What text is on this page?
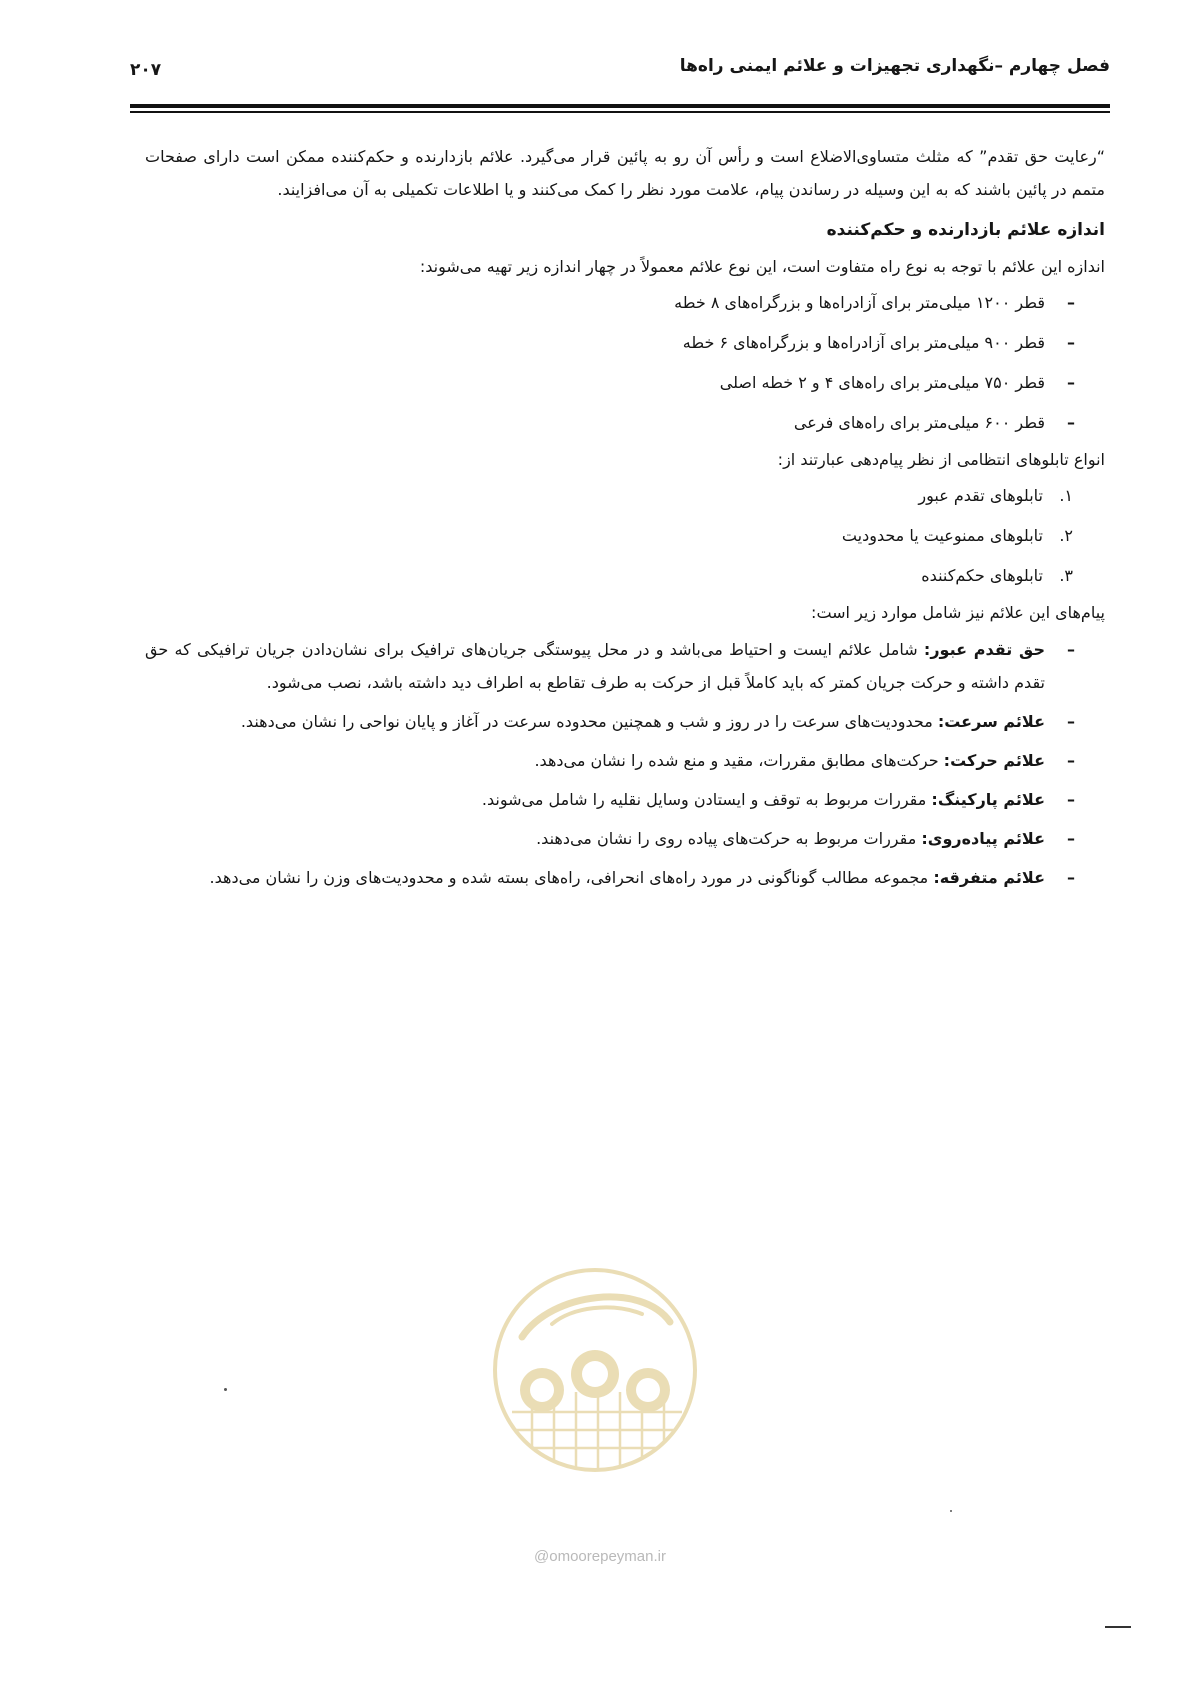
فصل چهارم –نگهداری تجهیزات و علائم ایمنی راه‌ها
۲۰۷

“رعایت حق تقدم” که مثلث متساوی‌الاضلاع است و رأس آن رو به پائین قرار می‌گیرد. علائم بازدارنده و حکم‌کننده ممکن است دارای صفحات متمم در پائین باشند که به این وسیله در رساندن پیام، علامت مورد نظر را کمک می‌کنند و یا اطلاعات تکمیلی به آن می‌افزایند.

اندازه علائم بازدارنده و حکم‌کننده

اندازه این علائم با توجه به نوع راه متفاوت است، این نوع علائم معمولاً در چهار اندازه زیر تهیه می‌شوند:

–
قطر ۱۲۰۰ میلی‌متر برای آزادراه‌ها و بزرگراه‌های ۸ خطه
–
قطر ۹۰۰ میلی‌متر برای آزادراه‌ها و بزرگراه‌های ۶ خطه
–
قطر ۷۵۰ میلی‌متر برای راه‌های ۴ و ۲ خطه اصلی
–
قطر ۶۰۰ میلی‌متر برای راه‌های فرعی

انواع تابلوهای انتظامی از نظر پیام‌دهی عبارتند از:

۱.
تابلوهای تقدم عبور
۲.
تابلوهای ممنوعیت یا محدودیت
۳.
تابلوهای حکم‌کننده

پیام‌های این علائم نیز شامل موارد زیر است:

–
حق تقدم عبور: شامل علائم ایست و احتیاط می‌باشد و در محل پیوستگی جریان‌های ترافیک برای نشان‌دادن جریان ترافیکی که حق تقدم داشته و حرکت جریان کمتر که باید کاملاً قبل از حرکت به طرف تقاطع به اطراف دید داشته باشد، نصب می‌شود.
–
علائم سرعت: محدودیت‌های سرعت را در روز و شب و همچنین محدوده سرعت در آغاز و پایان نواحی را نشان می‌دهند.
–
علائم حرکت: حرکت‌های مطابق مقررات، مقید و منع شده را نشان می‌دهد.
–
علائم پارکینگ: مقررات مربوط به توقف و ایستادن وسایل نقلیه را شامل می‌شوند.
–
علائم پیاده‌روی: مقررات مربوط به حرکت‌های پیاده روی را نشان می‌دهند.
–
علائم متفرقه: مجموعه مطالب گوناگونی در مورد راه‌های انحرافی، راه‌های بسته شده و محدودیت‌های وزن را نشان می‌دهد.
@omoorepeyman.ir
